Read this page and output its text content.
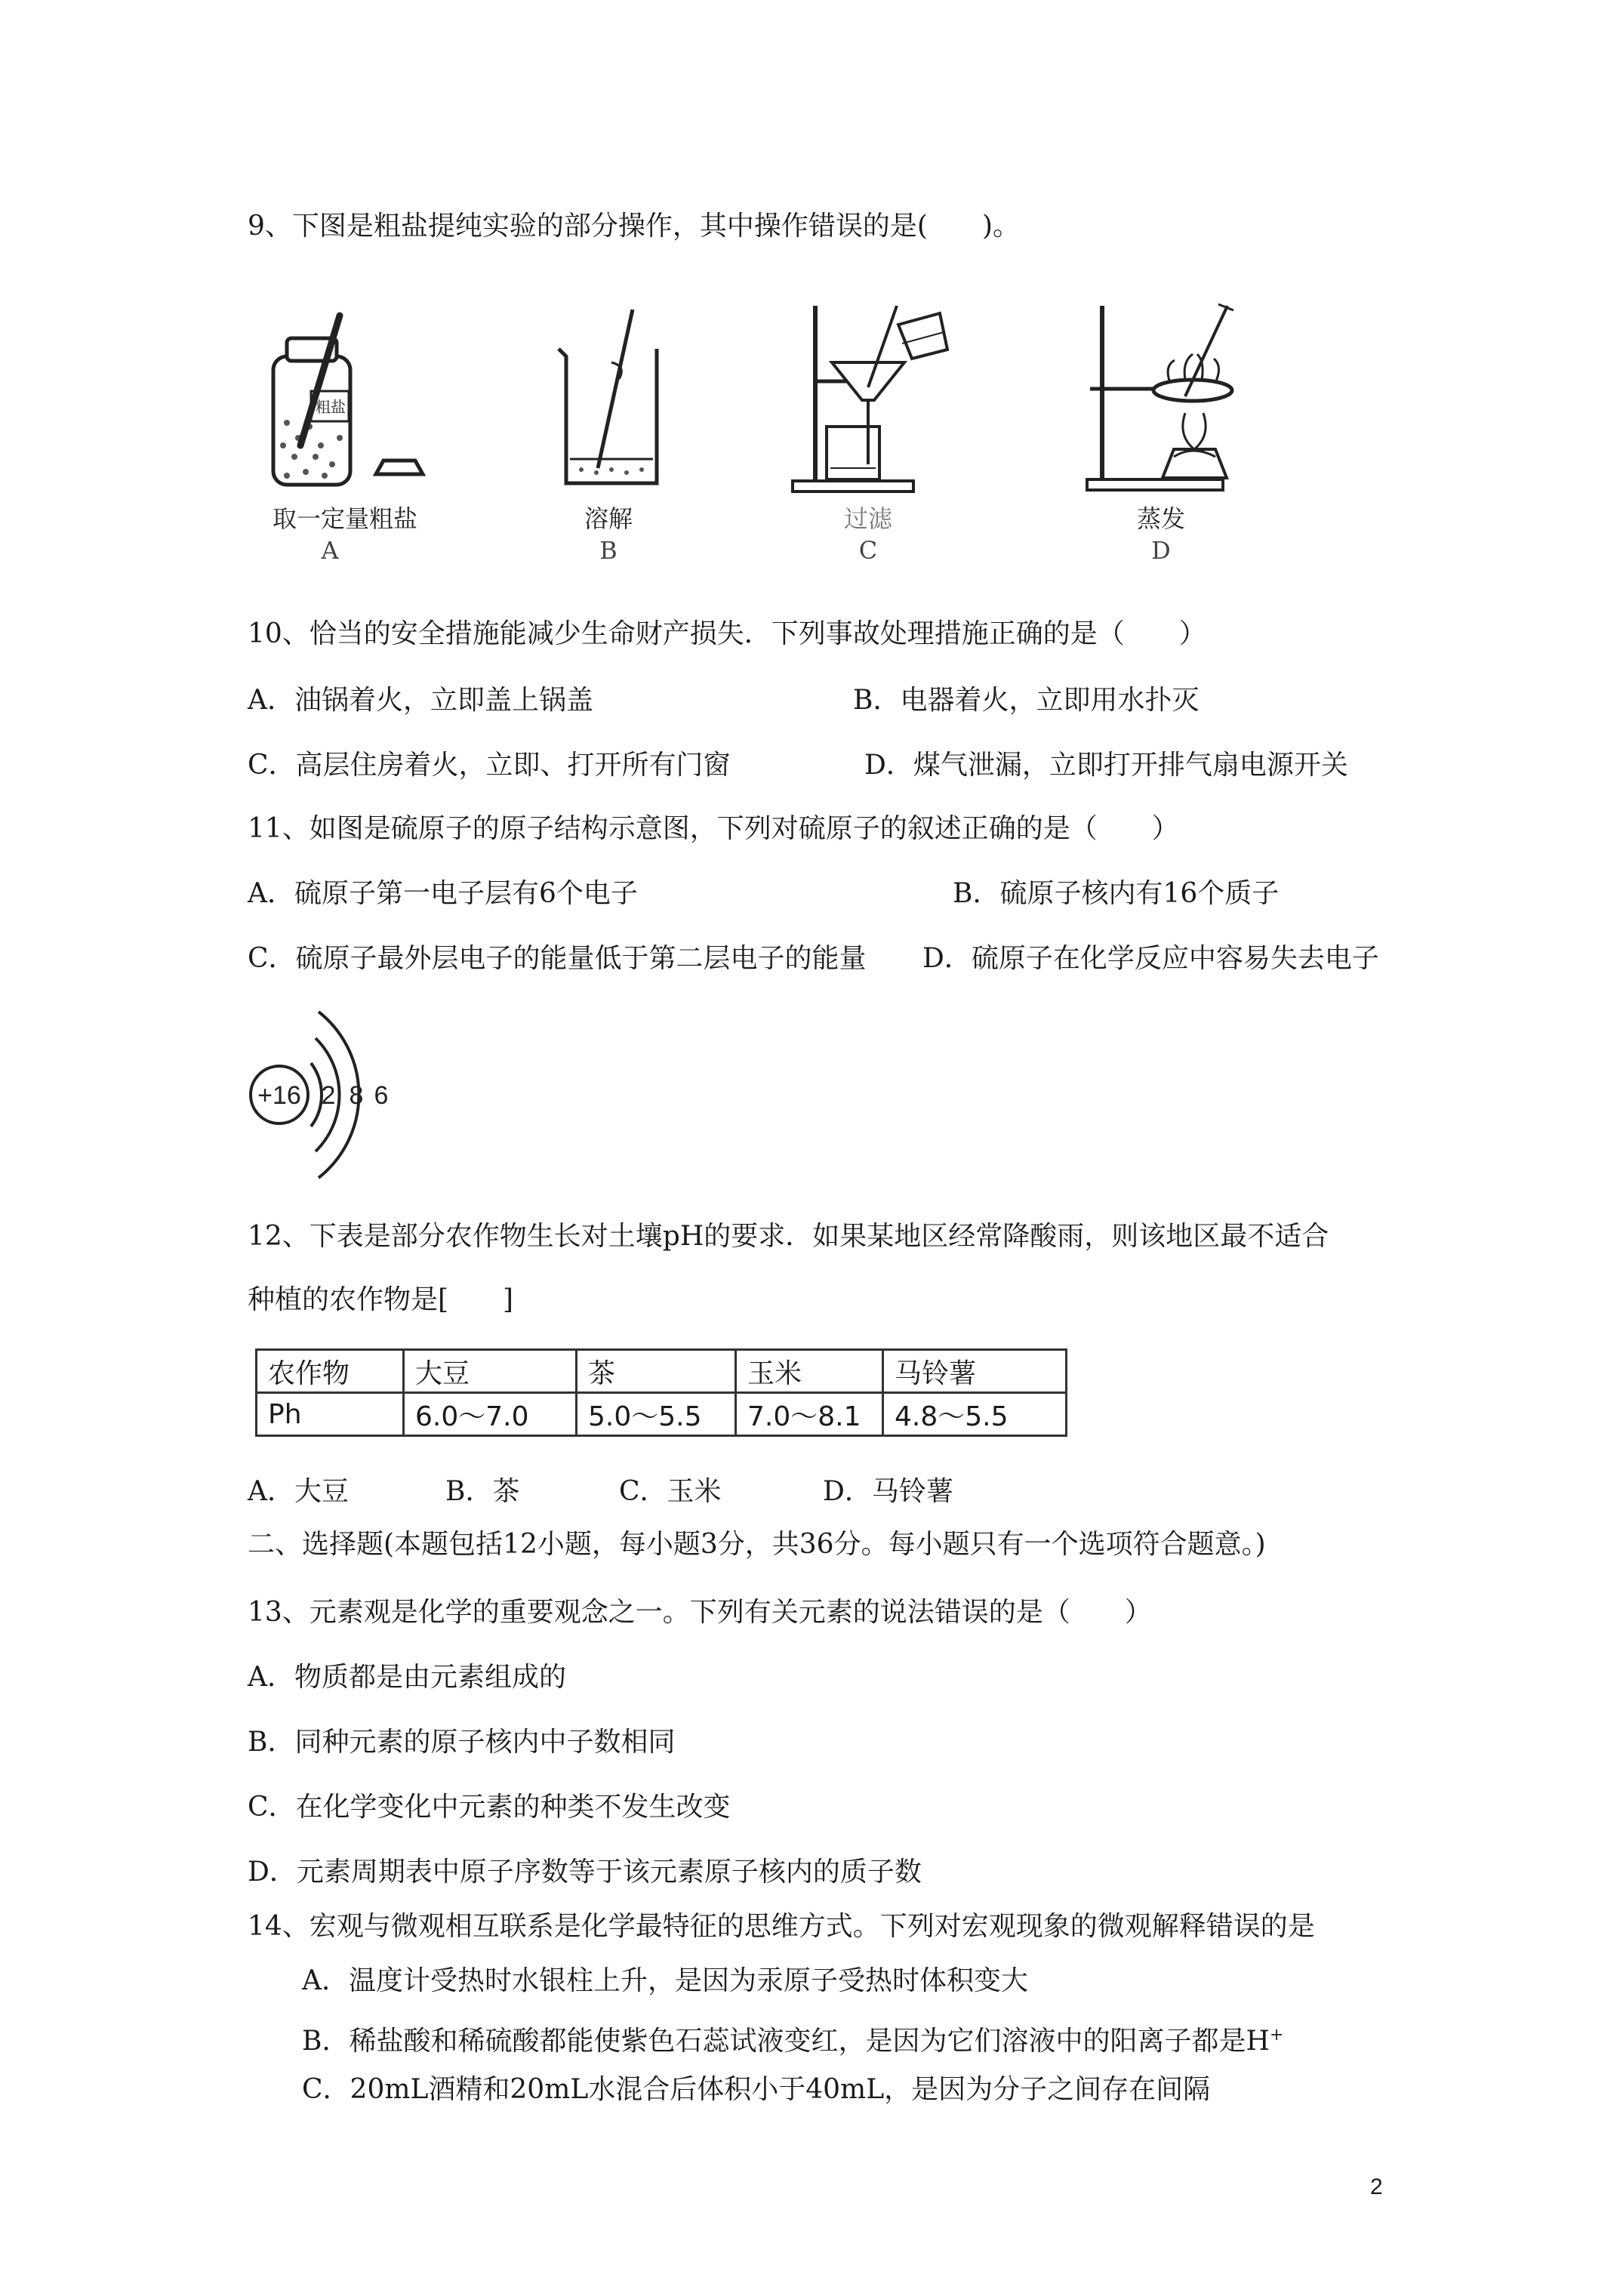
9、下图是粗盐提纯实验的部分操作，其中操作错误的是(　　)。
粗盐
取一定量粗盐
A
溶解
B
过滤
C
蒸发
D
10、恰当的安全措施能减少生命财产损失．下列事故处理措施正确的是（　　）
A．油锅着火，立即盖上锅盖	B．电器着火，立即用水扑灭
C．高层住房着火，立即、打开所有门窗	D．煤气泄漏，立即打开排气扇电源开关
11、如图是硫原子的原子结构示意图，下列对硫原子的叙述正确的是（　　）
A．硫原子第一电子层有6个电子	B．硫原子核内有16个质子
C．硫原子最外层电子的能量低于第二层电子的能量 D．硫原子在化学反应中容易失去电子
+16 2 8 6
12、下表是部分农作物生长对土壤pH的要求．如果某地区经常降酸雨，则该地区最不适合
种植的农作物是[　　]
农作物	大豆	茶	玉米	马铃薯
Ph	6.0～7.0	5.0～5.5	7.0～8.1	4.8～5.5
A．大豆	B．茶	C．玉米	D．马铃薯
二、选择题(本题包括12小题，每小题3分，共36分。每小题只有一个选项符合题意。)
13、元素观是化学的重要观念之一。下列有关元素的说法错误的是（　　）
A．物质都是由元素组成的
B．同种元素的原子核内中子数相同
C．在化学变化中元素的种类不发生改变
D．元素周期表中原子序数等于该元素原子核内的质子数
14、宏观与微观相互联系是化学最特征的思维方式。下列对宏观现象的微观解释错误的是
A．温度计受热时水银柱上升，是因为汞原子受热时体积变大
B．稀盐酸和稀硫酸都能使紫色石蕊试液变红，是因为它们溶液中的阳离子都是H+
C．20mL酒精和20mL水混合后体积小于40mL，是因为分子之间存在间隔
2
